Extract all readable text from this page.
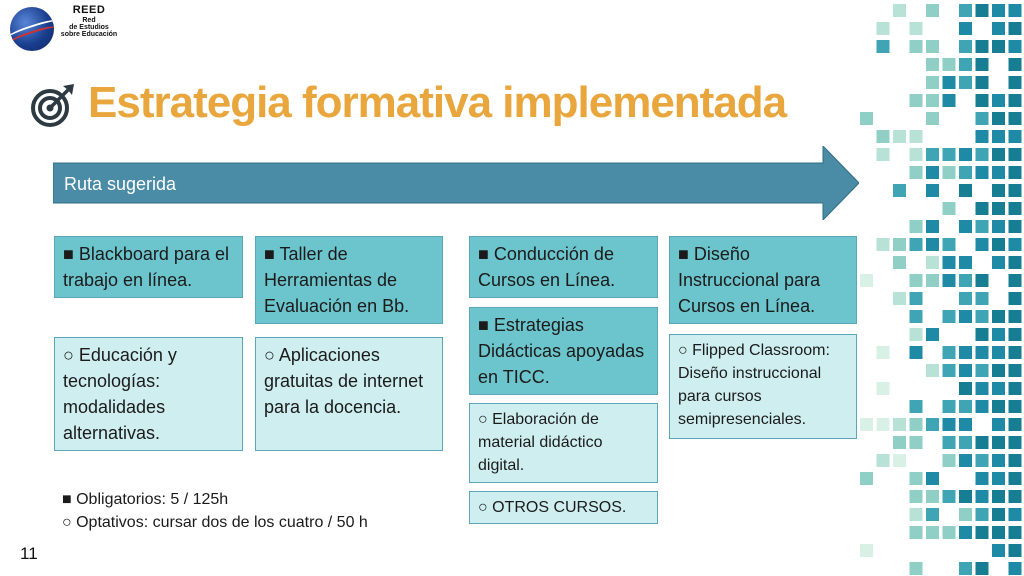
REED
Red
de Estudios
sobre Educación
Estrategia formativa implementada
Ruta sugerida
■ Blackboard para el trabajo en línea.
○ Educación y tecnologías: modalidades alternativas.
■ Taller de Herramientas de Evaluación en Bb.
○ Aplicaciones gratuitas de internet para la docencia.
■ Conducción de Cursos en Línea.
■ Estrategias Didácticas apoyadas en TICC.
○ Elaboración de material didáctico digital.
○ OTROS CURSOS.
■ Diseño Instruccional para Cursos en Línea.
○ Flipped Classroom: Diseño instruccional para cursos semipresenciales.
■ Obligatorios: 5 / 125h
○ Optativos: cursar dos de los cuatro / 50 h
11
